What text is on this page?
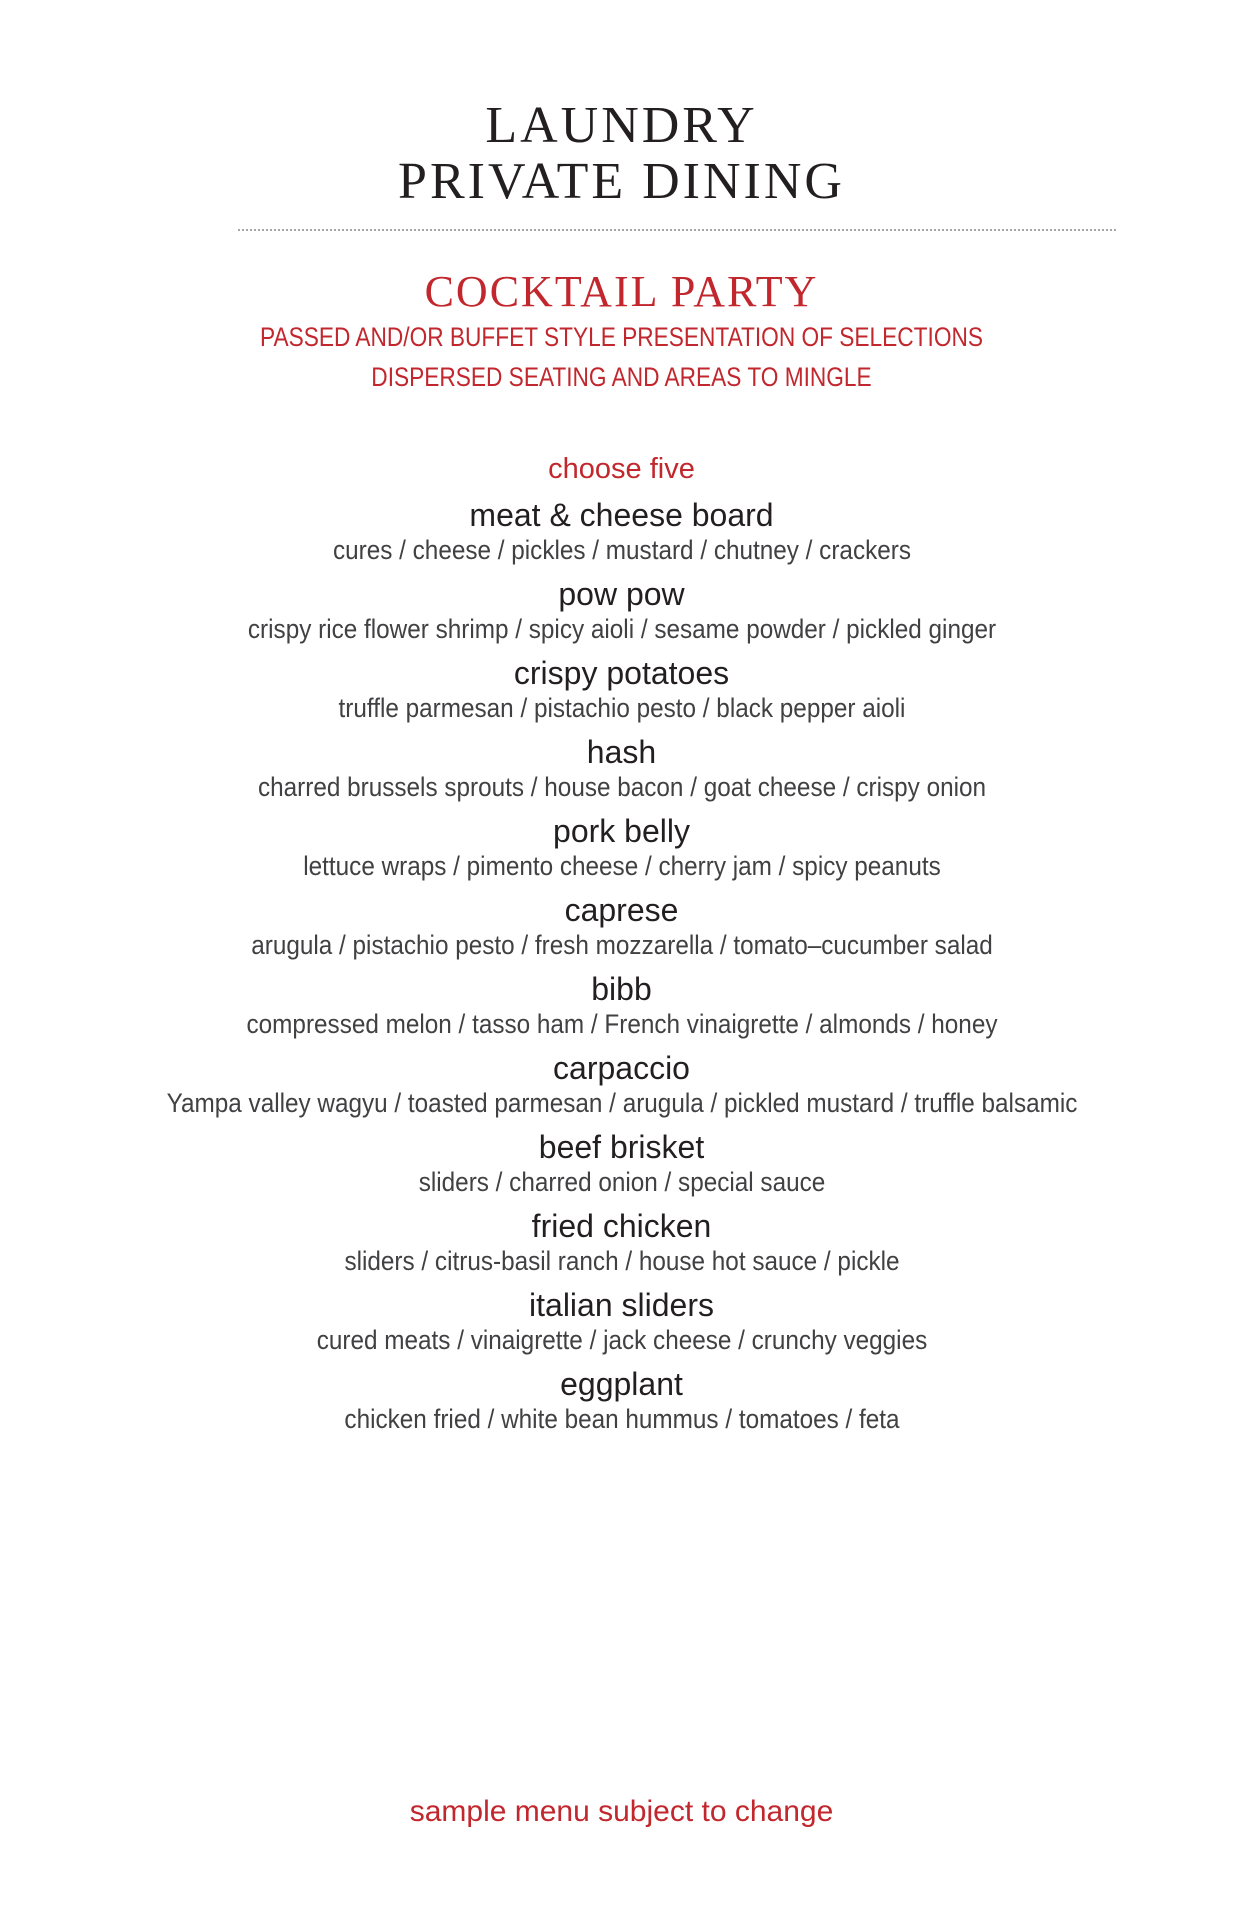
LAUNDRY
PRIVATE DINING
COCKTAIL PARTY
PASSED AND/OR BUFFET STYLE PRESENTATION OF SELECTIONS
DISPERSED SEATING AND AREAS TO MINGLE
choose five
meat & cheese board
cures / cheese / pickles / mustard / chutney / crackers
pow pow
crispy rice flower shrimp / spicy aioli / sesame powder / pickled ginger
crispy potatoes
truffle parmesan / pistachio pesto / black pepper aioli
hash
charred brussels sprouts / house bacon / goat cheese / crispy onion
pork belly
lettuce wraps / pimento cheese / cherry jam / spicy peanuts
caprese
arugula / pistachio pesto / fresh mozzarella / tomato–cucumber salad
bibb
compressed melon / tasso ham / French vinaigrette / almonds / honey
carpaccio
Yampa valley wagyu / toasted parmesan / arugula / pickled mustard / truffle balsamic
beef brisket
sliders / charred onion / special sauce
fried chicken
sliders / citrus-basil ranch / house hot sauce / pickle
italian sliders
cured meats / vinaigrette / jack cheese / crunchy veggies
eggplant
chicken fried / white bean hummus / tomatoes / feta
sample menu subject to change
